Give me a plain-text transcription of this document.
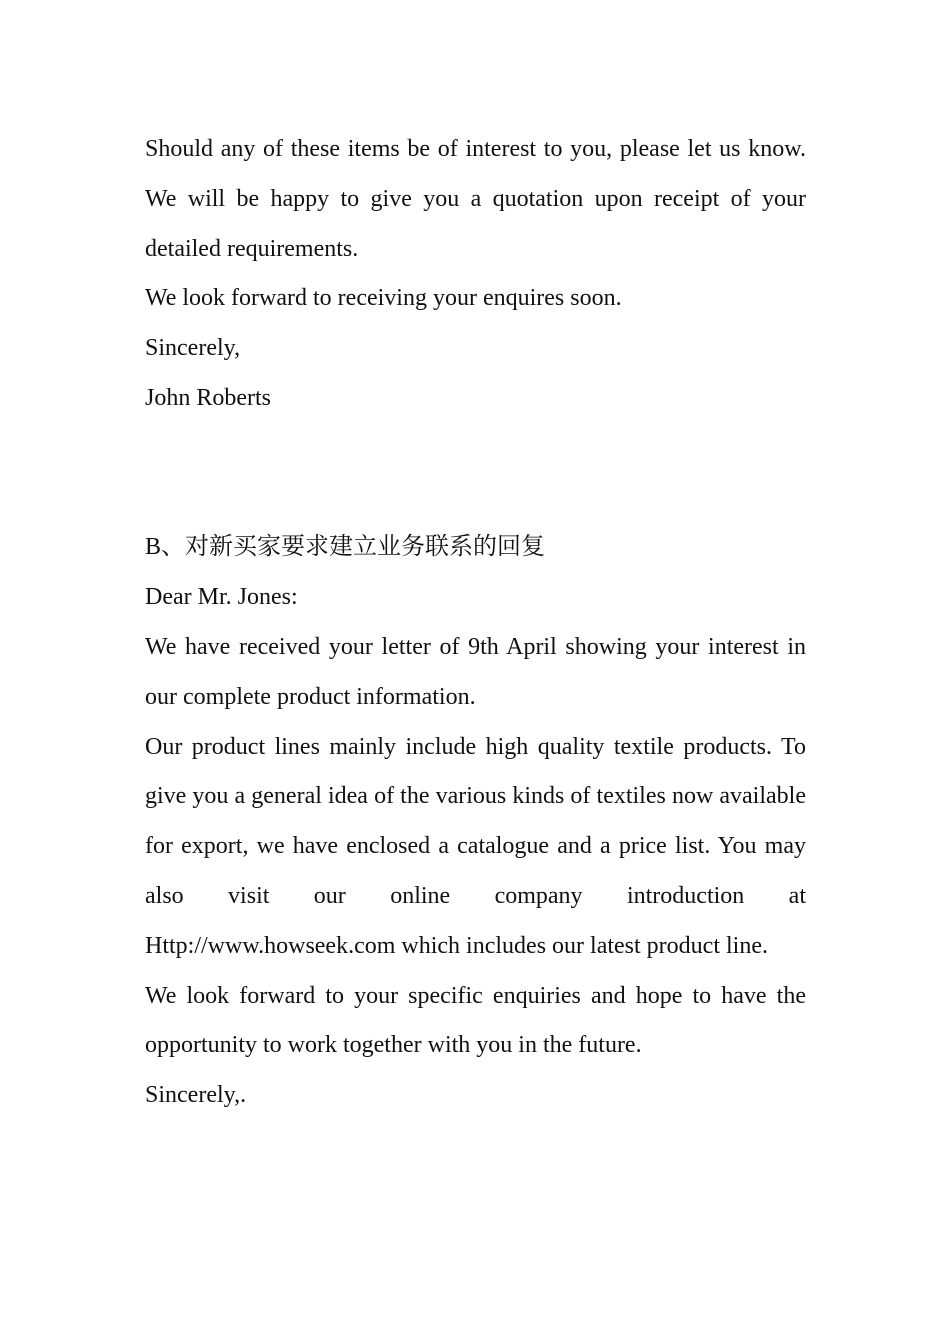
Should any of these items be of interest to you, please let us know. We will be happy to give you a quotation upon receipt of your detailed requirements.

We look forward to receiving your enquires soon.

Sincerely,

John Roberts

B、对新买家要求建立业务联系的回复

Dear Mr. Jones:

We have received your letter of 9th April showing your interest in our complete product information.

Our product lines mainly include high quality textile products. To give you a general idea of the various kinds of textiles now available for export, we have enclosed a catalogue and a price list. You may also visit our online company introduction at Http://www.howseek.com which includes our latest product line.

We look forward to your specific enquiries and hope to have the opportunity to work together with you in the future.

Sincerely,.
